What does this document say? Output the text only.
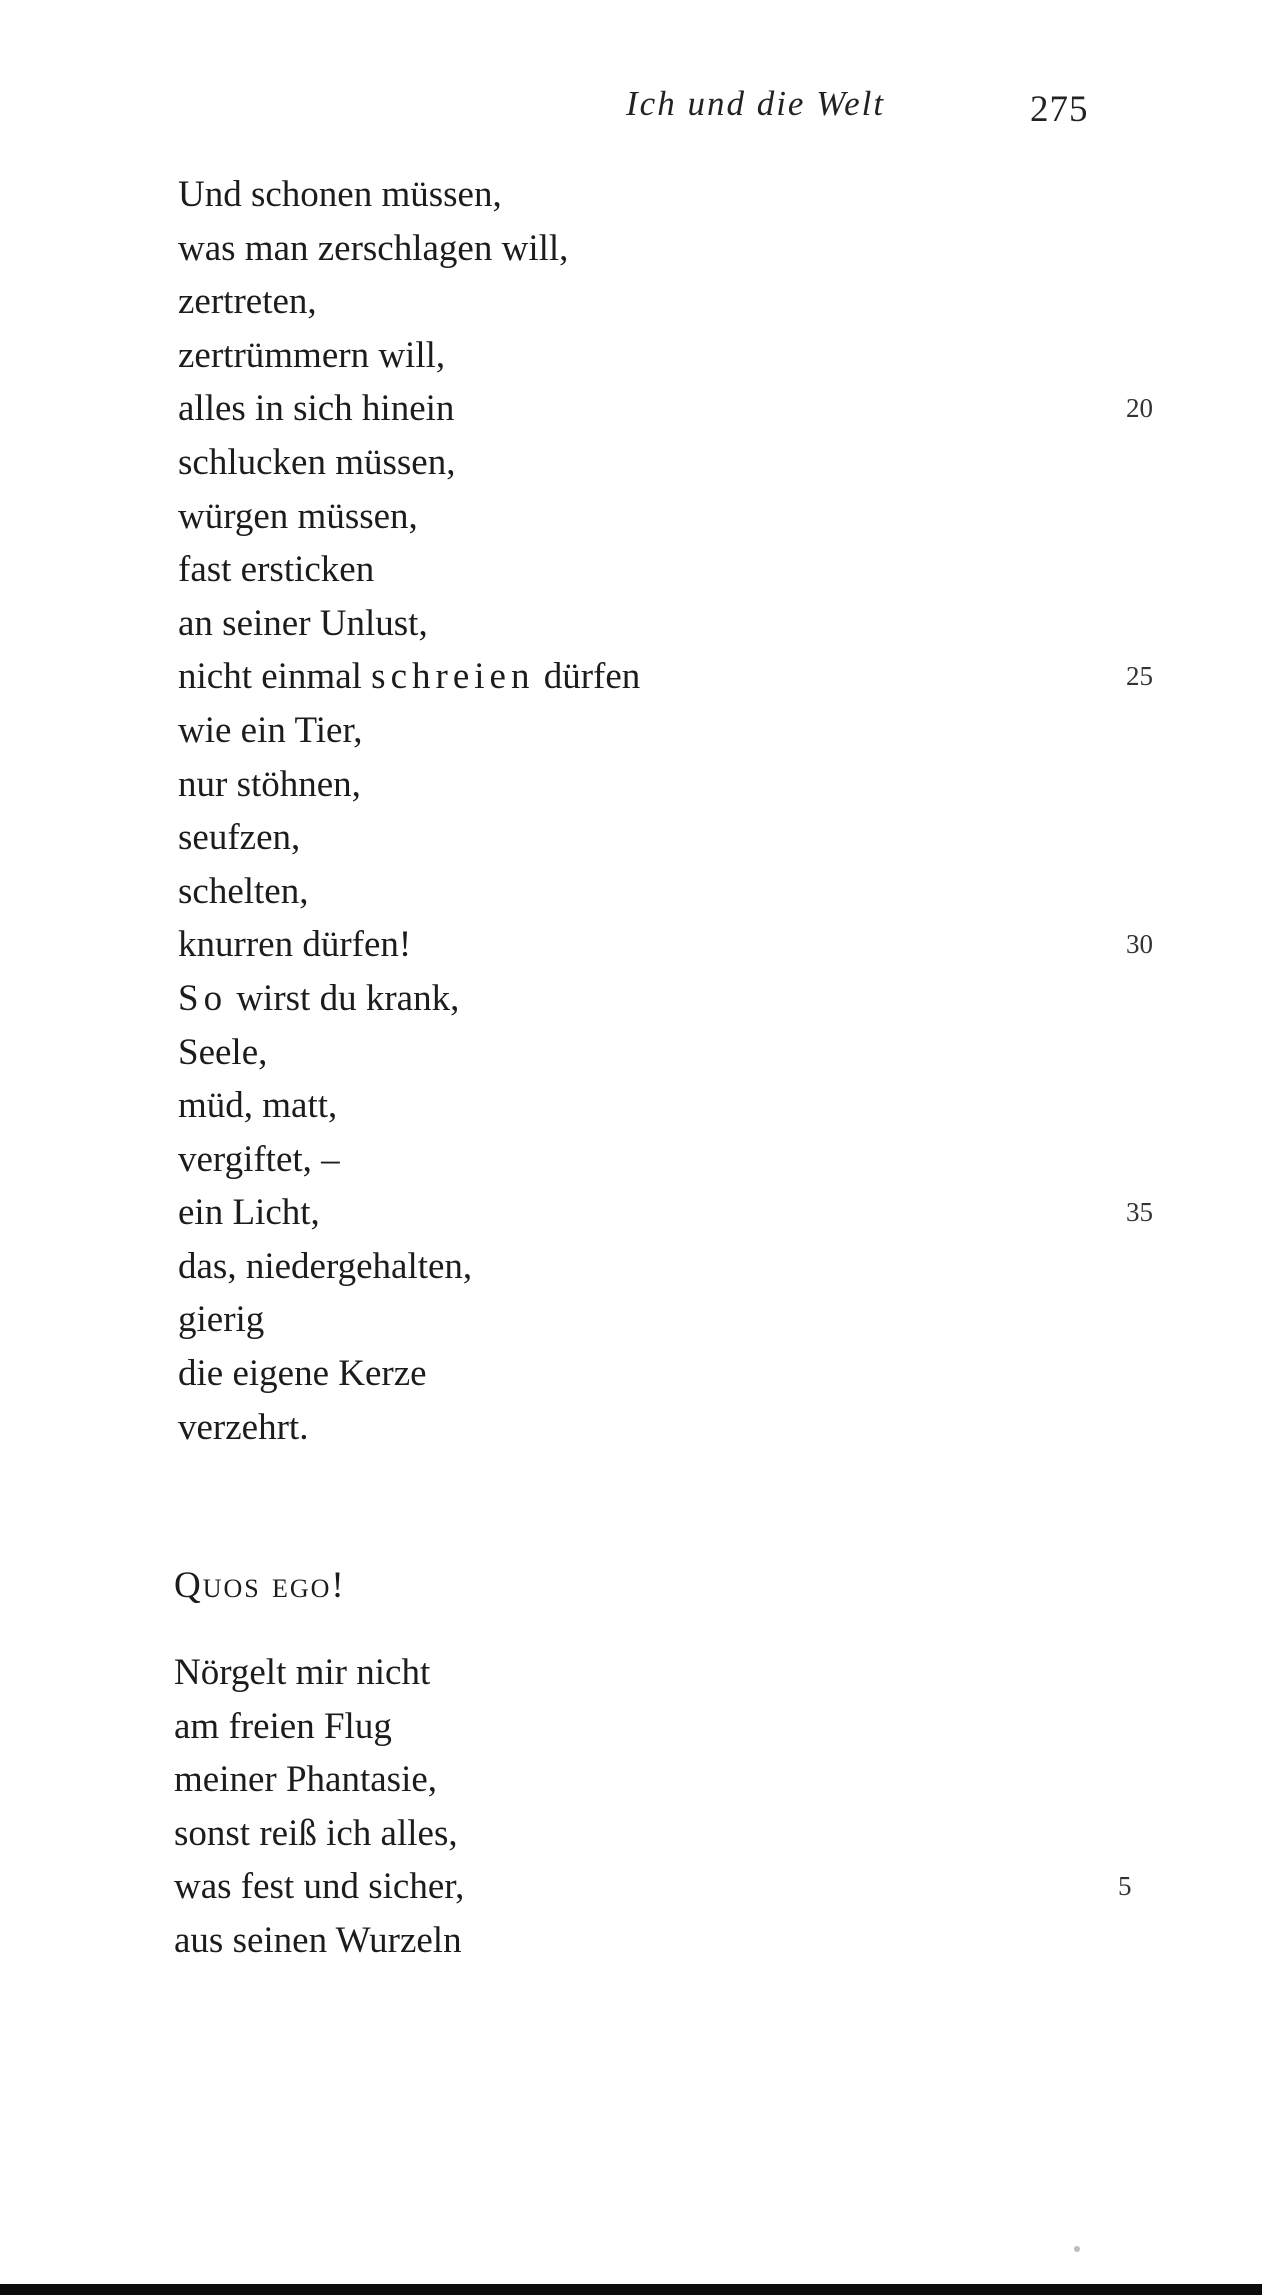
Ich und die Welt	275
Und schonen müssen,
was man zerschlagen will,
zertreten,
zertrümmern will,
alles in sich hinein	20
schlucken müssen,
würgen müssen,
fast ersticken
an seiner Unlust,
nicht einmal schreien dürfen	25
wie ein Tier,
nur stöhnen,
seufzen,
schelten,
knurren dürfen!	30
So wirst du krank,
Seele,
müd, matt,
vergiftet, –
ein Licht,	35
das, niedergehalten,
gierig
die eigene Kerze
verzehrt.
Quos ego!
Nörgelt mir nicht
am freien Flug
meiner Phantasie,
sonst reiß ich alles,
was fest und sicher,	5
aus seinen Wurzeln
